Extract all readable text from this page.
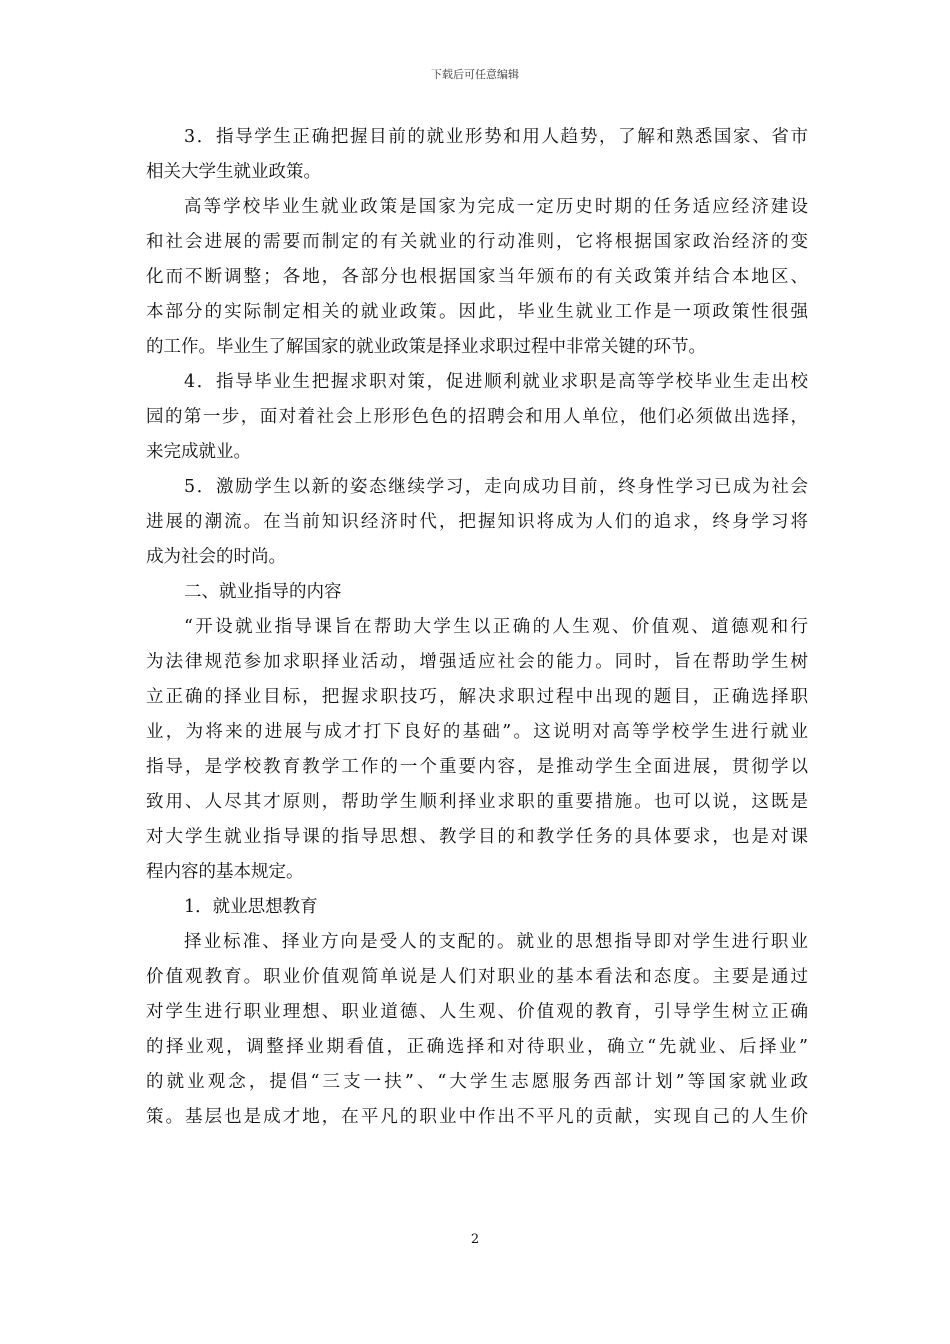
下载后可任意编辑
3．指导学生正确把握目前的就业形势和用人趋势，了解和熟悉国家、省市
相关大学生就业政策。
高等学校毕业生就业政策是国家为完成一定历史时期的任务适应经济建设
和社会进展的需要而制定的有关就业的行动准则，它将根据国家政治经济的变
化而不断调整；各地，各部分也根据国家当年颁布的有关政策并结合本地区、
本部分的实际制定相关的就业政策。因此，毕业生就业工作是一项政策性很强
的工作。毕业生了解国家的就业政策是择业求职过程中非常关键的环节。
4．指导毕业生把握求职对策，促进顺利就业求职是高等学校毕业生走出校
园的第一步，面对着社会上形形色色的招聘会和用人单位，他们必须做出选择，
来完成就业。
5．激励学生以新的姿态继续学习，走向成功目前，终身性学习已成为社会
进展的潮流。在当前知识经济时代，把握知识将成为人们的追求，终身学习将
成为社会的时尚。
二、就业指导的内容
“开设就业指导课旨在帮助大学生以正确的人生观、价值观、道德观和行
为法律规范参加求职择业活动，增强适应社会的能力。同时，旨在帮助学生树
立正确的择业目标，把握求职技巧，解决求职过程中出现的题目，正确选择职
业，为将来的进展与成才打下良好的基础”。这说明对高等学校学生进行就业
指导，是学校教育教学工作的一个重要内容，是推动学生全面进展，贯彻学以
致用、人尽其才原则，帮助学生顺利择业求职的重要措施。也可以说，这既是
对大学生就业指导课的指导思想、教学目的和教学任务的具体要求，也是对课
程内容的基本规定。
1．就业思想教育
择业标准、择业方向是受人的支配的。就业的思想指导即对学生进行职业
价值观教育。职业价值观简单说是人们对职业的基本看法和态度。主要是通过
对学生进行职业理想、职业道德、人生观、价值观的教育，引导学生树立正确
的择业观，调整择业期看值，正确选择和对待职业，确立“先就业、后择业”
的就业观念，提倡“三支一扶”、“大学生志愿服务西部计划”等国家就业政
策。基层也是成才地，在平凡的职业中作出不平凡的贡献，实现自己的人生价
2
